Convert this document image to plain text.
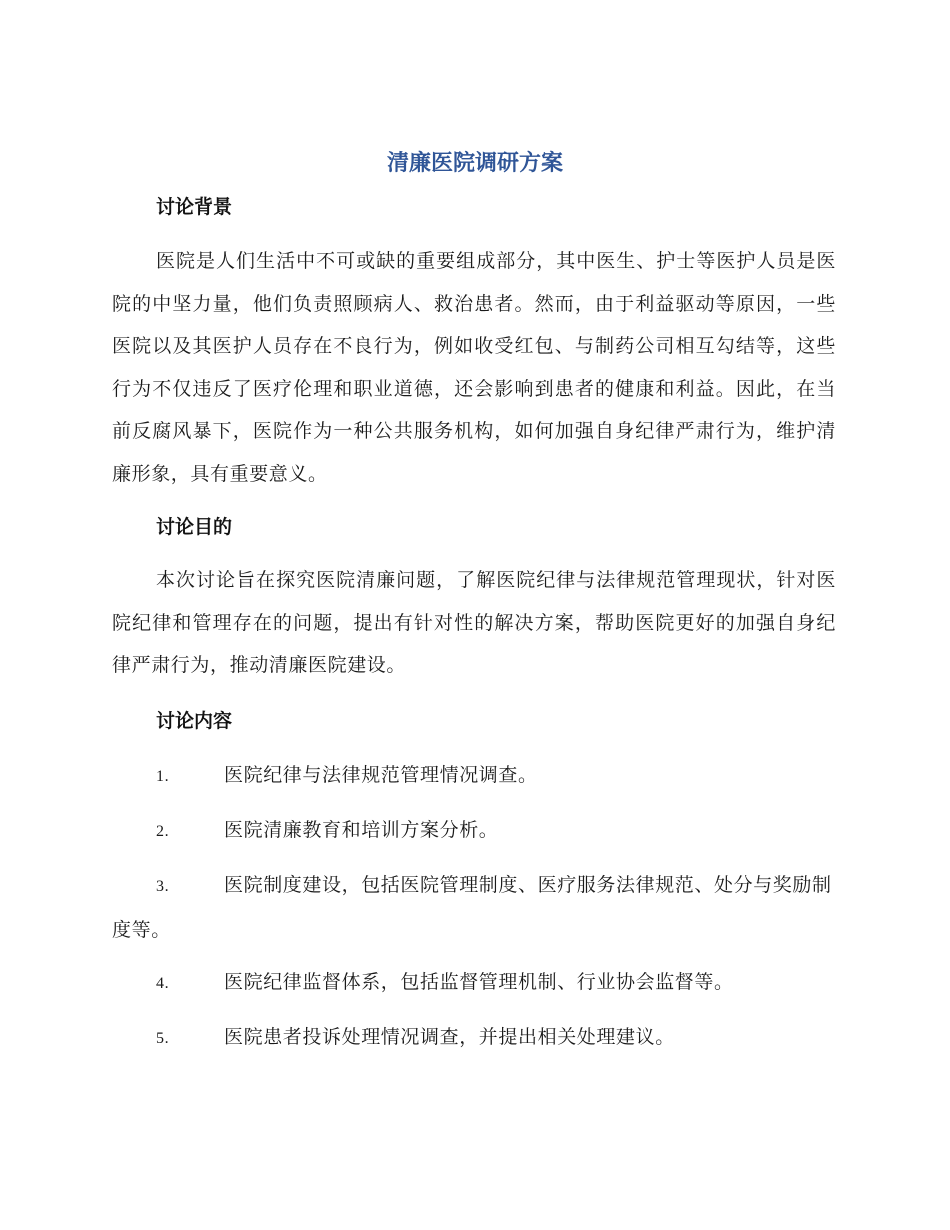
清廉医院调研方案
讨论背景

医院是人们生活中不可或缺的重要组成部分，其中医生、护士等医护人员是医院的中坚力量，他们负责照顾病人、救治患者。然而，由于利益驱动等原因，一些医院以及其医护人员存在不良行为，例如收受红包、与制药公司相互勾结等，这些行为不仅违反了医疗伦理和职业道德，还会影响到患者的健康和利益。因此，在当前反腐风暴下，医院作为一种公共服务机构，如何加强自身纪律严肃行为，维护清廉形象，具有重要意义。

讨论目的

本次讨论旨在探究医院清廉问题，了解医院纪律与法律规范管理现状，针对医院纪律和管理存在的问题，提出有针对性的解决方案，帮助医院更好的加强自身纪律严肃行为，推动清廉医院建设。

讨论内容

1.	医院纪律与法律规范管理情况调查。

2.	医院清廉教育和培训方案分析。

3.	医院制度建设，包括医院管理制度、医疗服务法律规范、处分与奖励制度等。

4.	医院纪律监督体系，包括监督管理机制、行业协会监督等。

5.	医院患者投诉处理情况调查，并提出相关处理建议。
